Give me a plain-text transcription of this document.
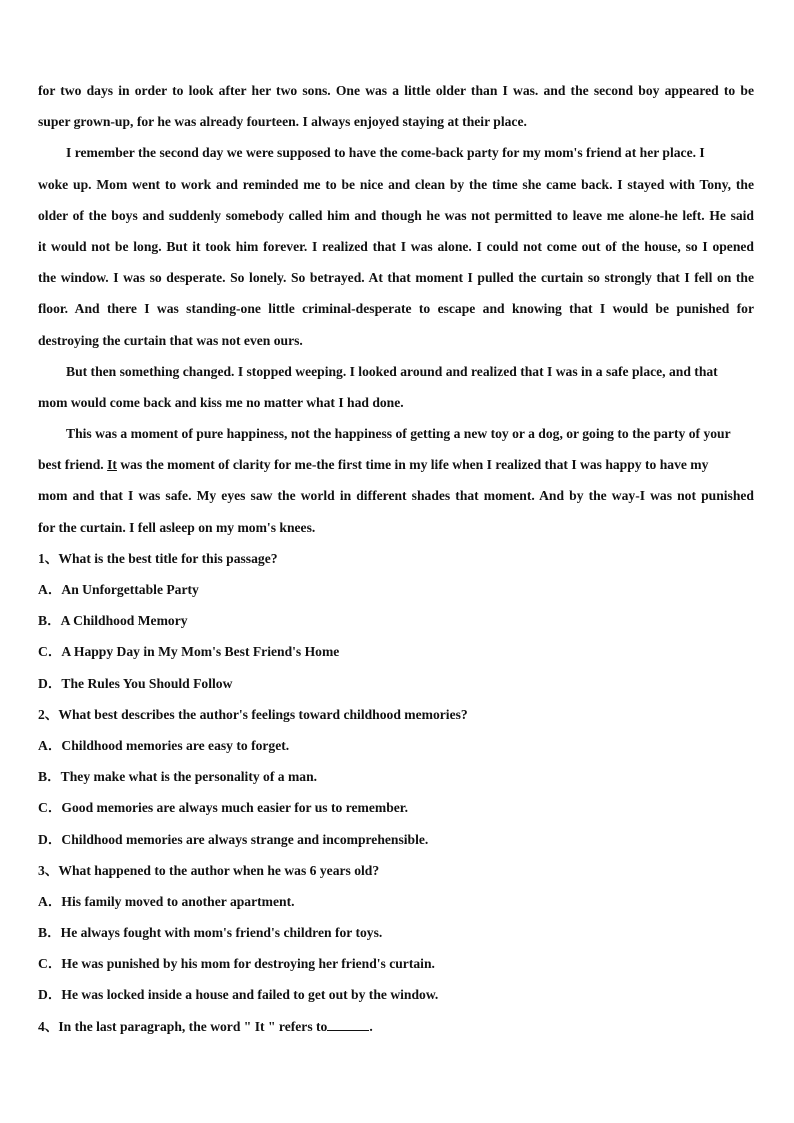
for two days in order to look after her two sons. One was a little older than I was. and the second boy appeared to be
super grown-up, for he was already fourteen. I always enjoyed staying at their place.
I remember the second day we were supposed to have the come-back party for my mom's friend at her place. I
woke up. Mom went to work and reminded me to be nice and clean by the time she came back. I stayed with Tony, the
older of the boys and suddenly somebody called him and though he was not permitted to leave me alone-he left. He said
it would not be long. But it took him forever. I realized that I was alone. I could not come out of the house, so I opened
the window. I was so desperate. So lonely. So betrayed. At that moment I pulled the curtain so strongly that I fell on the
floor. And there I was standing-one little criminal-desperate to escape and knowing that I would be punished for
destroying the curtain that was not even ours.
But then something changed. I stopped weeping. I looked around and realized that I was in a safe place, and that
mom would come back and kiss me no matter what I had done.
This was a moment of pure happiness, not the happiness of getting a new toy or a dog, or going to the party of your
best friend. It was the moment of clarity for me-the first time in my life when I realized that I was happy to have my
mom and that I was safe. My eyes saw the world in different shades that moment. And by the way-I was not punished
for the curtain. I fell asleep on my mom's knees.
1、What is the best title for this passage?
A．An Unforgettable Party
B．A Childhood Memory
C．A Happy Day in My Mom's Best Friend's Home
D．The Rules You Should Follow
2、What best describes the author's feelings toward childhood memories?
A．Childhood memories are easy to forget.
B．They make what is the personality of a man.
C．Good memories are always much easier for us to remember.
D．Childhood memories are always strange and incomprehensible.
3、What happened to the author when he was 6 years old?
A．His family moved to another apartment.
B．He always fought with mom's friend's children for toys.
C．He was punished by his mom for destroying her friend's curtain.
D．He was locked inside a house and failed to get out by the window.
4、In the last paragraph, the word " It " refers to	.
